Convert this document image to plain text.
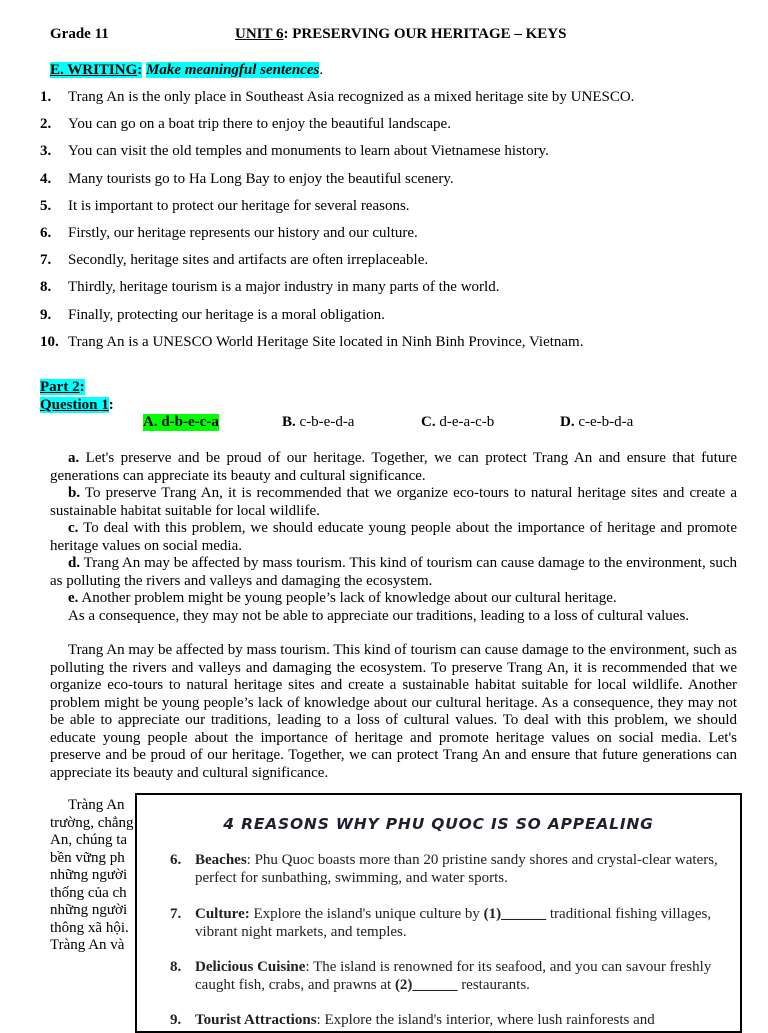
Grade 11	UNIT 6: PRESERVING OUR HERITAGE – KEYS
E. WRITING: Make meaningful sentences.
1.	Trang An is the only place in Southeast Asia recognized as a mixed heritage site by UNESCO.
2.	You can go on a boat trip there to enjoy the beautiful landscape.
3.	You can visit the old temples and monuments to learn about Vietnamese history.
4.	Many tourists go to Ha Long Bay to enjoy the beautiful scenery.
5.	It is important to protect our heritage for several reasons.
6.	Firstly, our heritage represents our history and our culture.
7.	Secondly, heritage sites and artifacts are often irreplaceable.
8.	Thirdly, heritage tourism is a major industry in many parts of the world.
9.	Finally, protecting our heritage is a moral obligation.
10. Trang An is a UNESCO World Heritage Site located in Ninh Binh Province, Vietnam.
Part 2:
Question 1:
A. d-b-e-c-a	B. c-b-e-d-a	C. d-e-a-c-b	D. c-e-b-d-a

a. Let's preserve and be proud of our heritage. Together, we can protect Trang An and ensure that future generations can appreciate its beauty and cultural significance.

b. To preserve Trang An, it is recommended that we organize eco-tours to natural heritage sites and create a sustainable habitat suitable for local wildlife.

c. To deal with this problem, we should educate young people about the importance of heritage and promote heritage values on social media.

d. Trang An may be affected by mass tourism. This kind of tourism can cause damage to the environment, such as polluting the rivers and valleys and damaging the ecosystem.

e. Another problem might be young people’s lack of knowledge about our cultural heritage.

As a consequence, they may not be able to appreciate our traditions, leading to a loss of cultural values.

Trang An may be affected by mass tourism. This kind of tourism can cause damage to the environment, such as polluting the rivers and valleys and damaging the ecosystem. To preserve Trang An, it is recommended that we organize eco-tours to natural heritage sites and create a sustainable habitat suitable for local wildlife. Another problem might be young people’s lack of knowledge about our cultural heritage. As a consequence, they may not be able to appreciate our traditions, leading to a loss of cultural values. To deal with this problem, we should educate young people about the importance of heritage and promote heritage values on social media. Let's preserve and be proud of our heritage. Together, we can protect Trang An and ensure that future generations can appreciate its beauty and cultural significance.

Tràng An

trường, chẳng

An, chúng ta

bền vững ph

những người

thống của ch

những người

thông xã hội.

Tràng An và

4 REASONS WHY PHU QUOC IS SO APPEALING
6. Beaches: Phu Quoc boasts more than 20 pristine sandy shores and crystal-clear waters, perfect for sunbathing, swimming, and water sports.
7. Culture: Explore the island's unique culture by (1)______ traditional fishing villages, vibrant night markets, and temples.
8. Delicious Cuisine: The island is renowned for its seafood, and you can savour freshly caught fish, crabs, and prawns at (2)______ restaurants.
9. Tourist Attractions: Explore the island's interior, where lush rainforests and
